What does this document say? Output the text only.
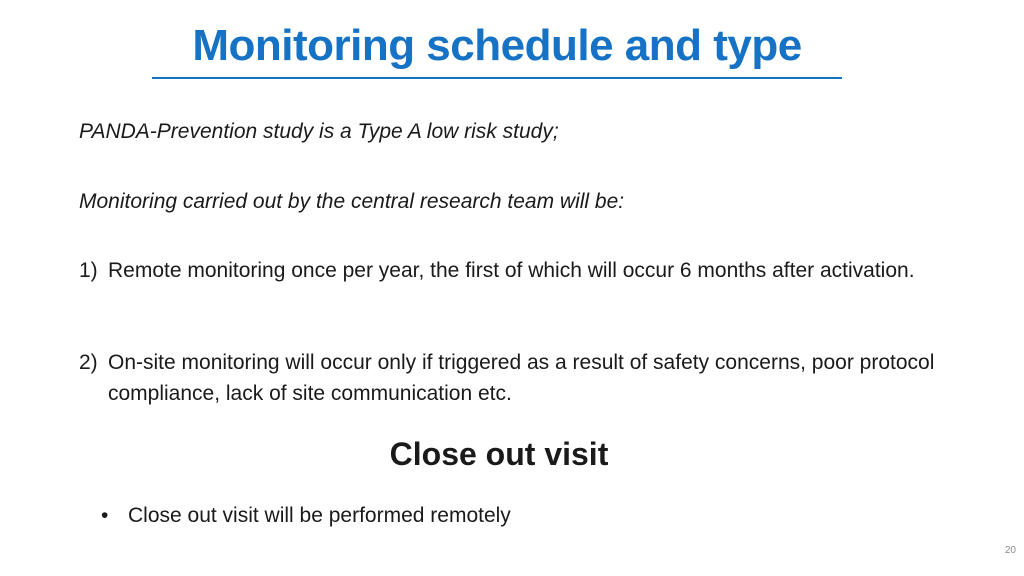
Monitoring schedule and type
PANDA-Prevention study is a Type A low risk study;
Monitoring carried out by the central research team will be:
1) Remote monitoring once per year, the first of which will occur 6 months after activation.
2) On-site monitoring will occur only if triggered as a result of safety concerns, poor protocol compliance, lack of site communication etc.
Close out visit
• Close out visit will be performed remotely
20
